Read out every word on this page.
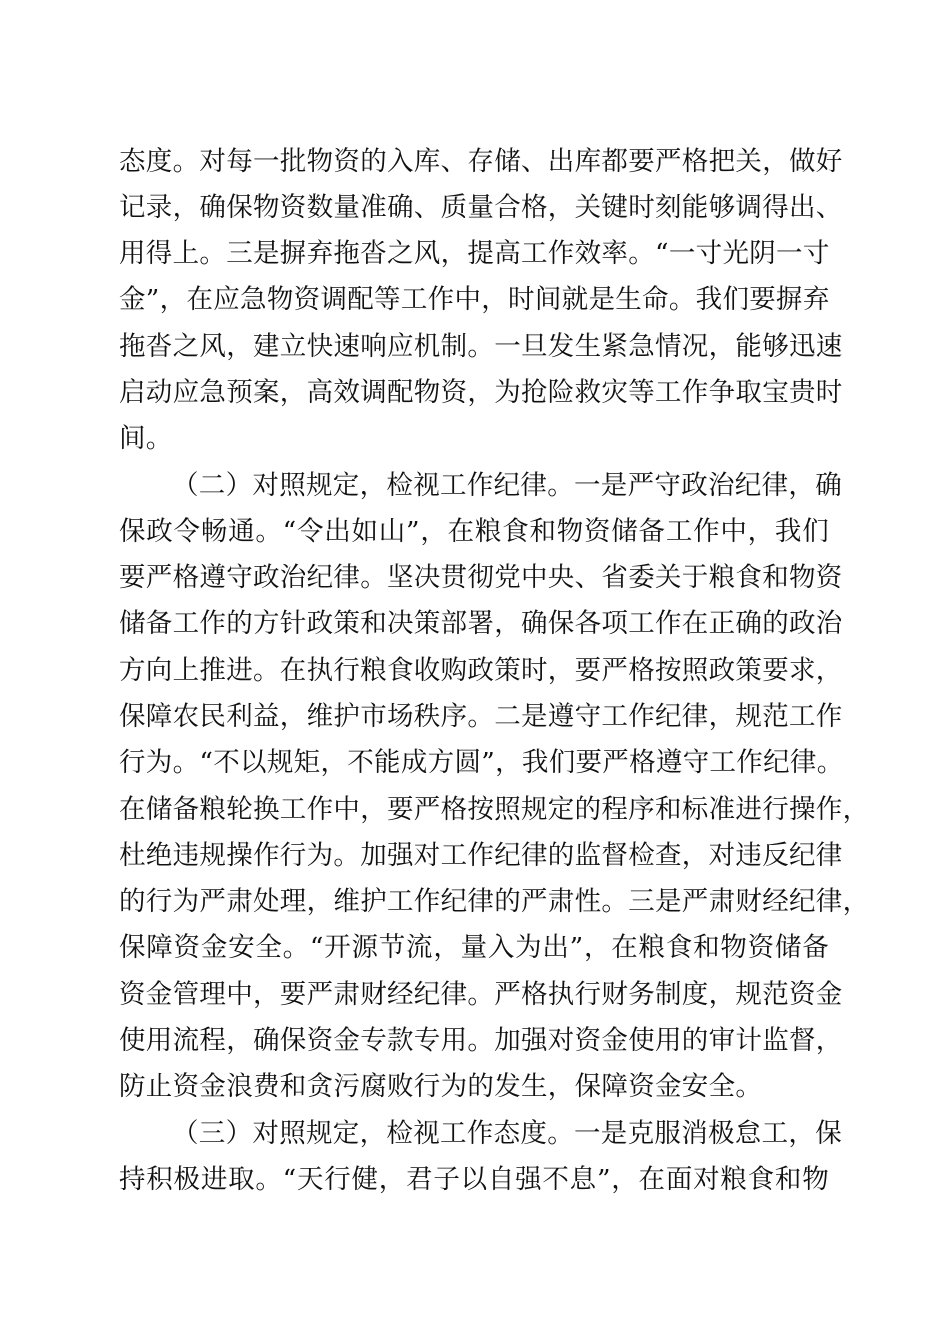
态度。对每一批物资的入库、存储、出库都要严格把关，做好
记录，确保物资数量准确、质量合格，关键时刻能够调得出、
用得上。三是摒弃拖沓之风，提高工作效率。“一寸光阴一寸
金”，在应急物资调配等工作中，时间就是生命。我们要摒弃
拖沓之风，建立快速响应机制。一旦发生紧急情况，能够迅速
启动应急预案，高效调配物资，为抢险救灾等工作争取宝贵时
间。
（二）对照规定，检视工作纪律。一是严守政治纪律，确
保政令畅通。“令出如山”，在粮食和物资储备工作中，我们
要严格遵守政治纪律。坚决贯彻党中央、省委关于粮食和物资
储备工作的方针政策和决策部署，确保各项工作在正确的政治
方向上推进。在执行粮食收购政策时，要严格按照政策要求，
保障农民利益，维护市场秩序。二是遵守工作纪律，规范工作
行为。“不以规矩，不能成方圆”，我们要严格遵守工作纪律。
在储备粮轮换工作中，要严格按照规定的程序和标准进行操作，
杜绝违规操作行为。加强对工作纪律的监督检查，对违反纪律
的行为严肃处理，维护工作纪律的严肃性。三是严肃财经纪律，
保障资金安全。“开源节流，量入为出”，在粮食和物资储备
资金管理中，要严肃财经纪律。严格执行财务制度，规范资金
使用流程，确保资金专款专用。加强对资金使用的审计监督，
防止资金浪费和贪污腐败行为的发生，保障资金安全。
（三）对照规定，检视工作态度。一是克服消极怠工，保
持积极进取。“天行健，君子以自强不息”，在面对粮食和物
